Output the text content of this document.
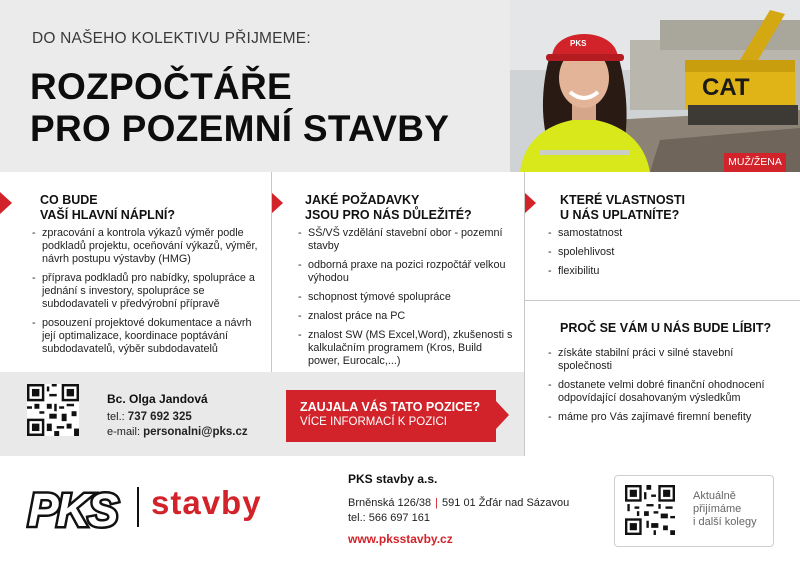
DO NAŠEHO KOLEKTIVU PŘIJMEME:
ROZPOČTÁŘE
PRO POZEMNÍ STAVBY
CAT
PKS
MUŽ/ŽENA
CO BUDE
VAŠÍ HLAVNÍ NÁPLNÍ?
- zpracování a kontrola výkazů výměr podle podkladů projektu, oceňování výkazů, výměr, návrh postupu výstavby (HMG)
- příprava podkladů pro nabídky, spolupráce a jednání s investory, spolupráce se subdodavateli v předvýrobní přípravě
- posouzení projektové dokumentace a návrh její optimalizace, koordinace poptávání subdodavatelů, výběr subdodavatelů
JAKÉ POŽADAVKY
JSOU PRO NÁS DŮLEŽITÉ?
- SŠ/VŠ vzdělání stavební obor - pozemní stavby
- odborná praxe na pozici rozpočtář velkou výhodou
- schopnost týmové spolupráce
- znalost práce na PC
- znalost SW (MS Excel,Word), zkušenosti s kalkulačním programem (Kros, Build power, Eurocalc,...)
KTERÉ VLASTNOSTI
U NÁS UPLATNÍTE?
- samostatnost
- spolehlivost
- flexibilitu
PROČ SE VÁM U NÁS BUDE LÍBIT?
- získáte stabilní práci v silné stavební společnosti
- dostanete velmi dobré finanční ohodnocení odpovídající dosahovaným výsledkům
- máme pro Vás zajímavé firemní benefity
Bc. Olga Jandová
tel.: 737 692 325
e-mail: personalni@pks.cz
ZAUJALA VÁS TATO POZICE?
VÍCE INFORMACÍ K POZICI
PKS stavby
PKS stavby a.s.
Brněnská 126/38 | 591 01 Žďár nad Sázavou
tel.: 566 697 161
www.pksstavby.cz
Aktuálně
přijímáme
i další kolegy
